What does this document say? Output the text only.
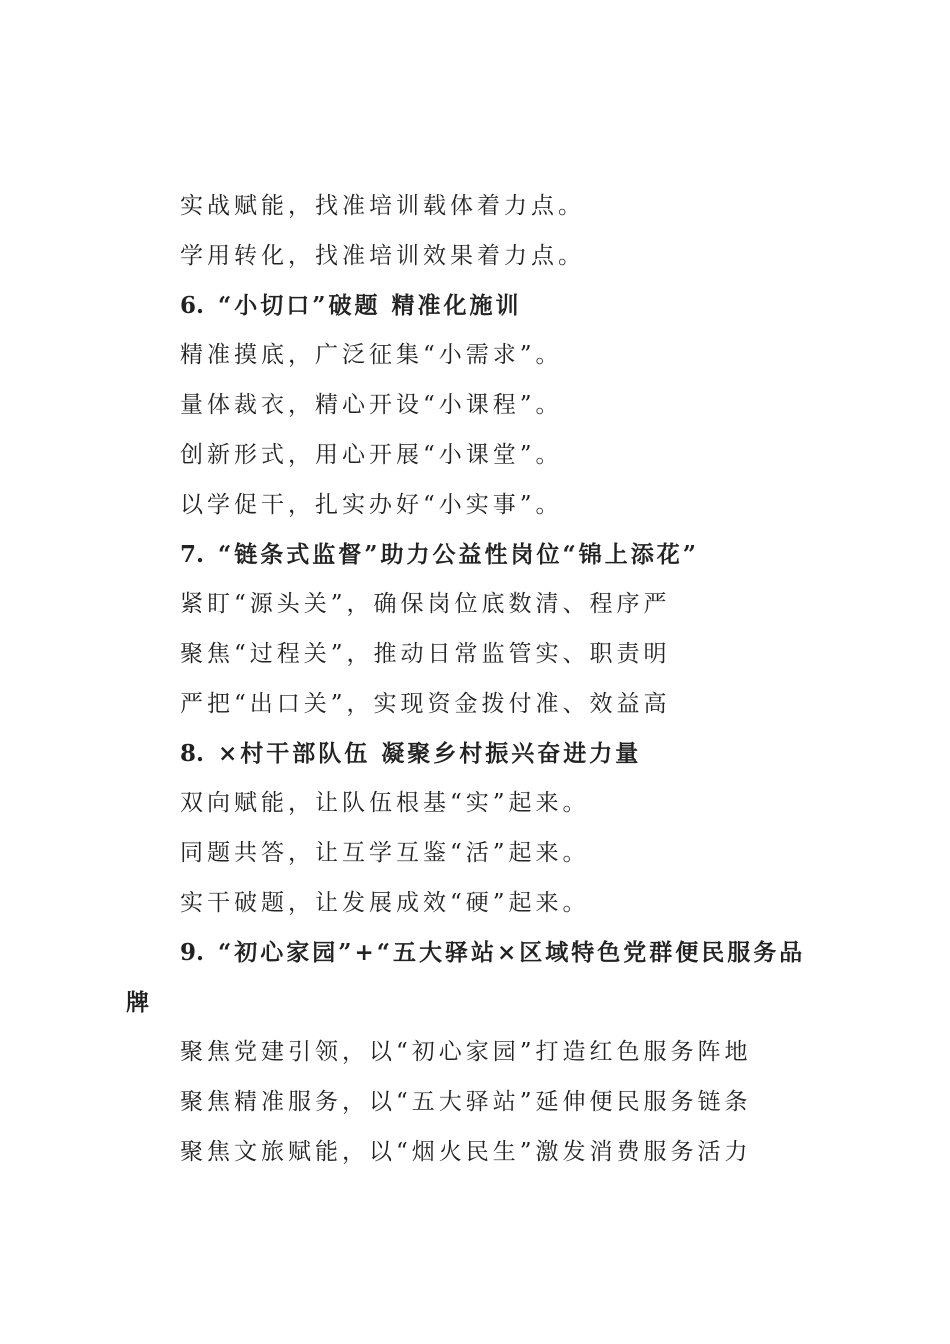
实战赋能，找准培训载体着力点。
学用转化，找准培训效果着力点。
6. “小切口”破题 精准化施训
精准摸底，广泛征集“小需求”。
量体裁衣，精心开设“小课程”。
创新形式，用心开展“小课堂”。
以学促干，扎实办好“小实事”。
7. “链条式监督”助力公益性岗位“锦上添花”
紧盯“源头关”，确保岗位底数清、程序严
聚焦“过程关”，推动日常监管实、职责明
严把“出口关”，实现资金拨付准、效益高
8. ×村干部队伍 凝聚乡村振兴奋进力量
双向赋能，让队伍根基“实”起来。
同题共答，让互学互鉴“活”起来。
实干破题，让发展成效“硬”起来。
9. “初心家园”+“五大驿站×区域特色党群便民服务品
牌
聚焦党建引领，以“初心家园”打造红色服务阵地
聚焦精准服务，以“五大驿站”延伸便民服务链条
聚焦文旅赋能，以“烟火民生”激发消费服务活力
